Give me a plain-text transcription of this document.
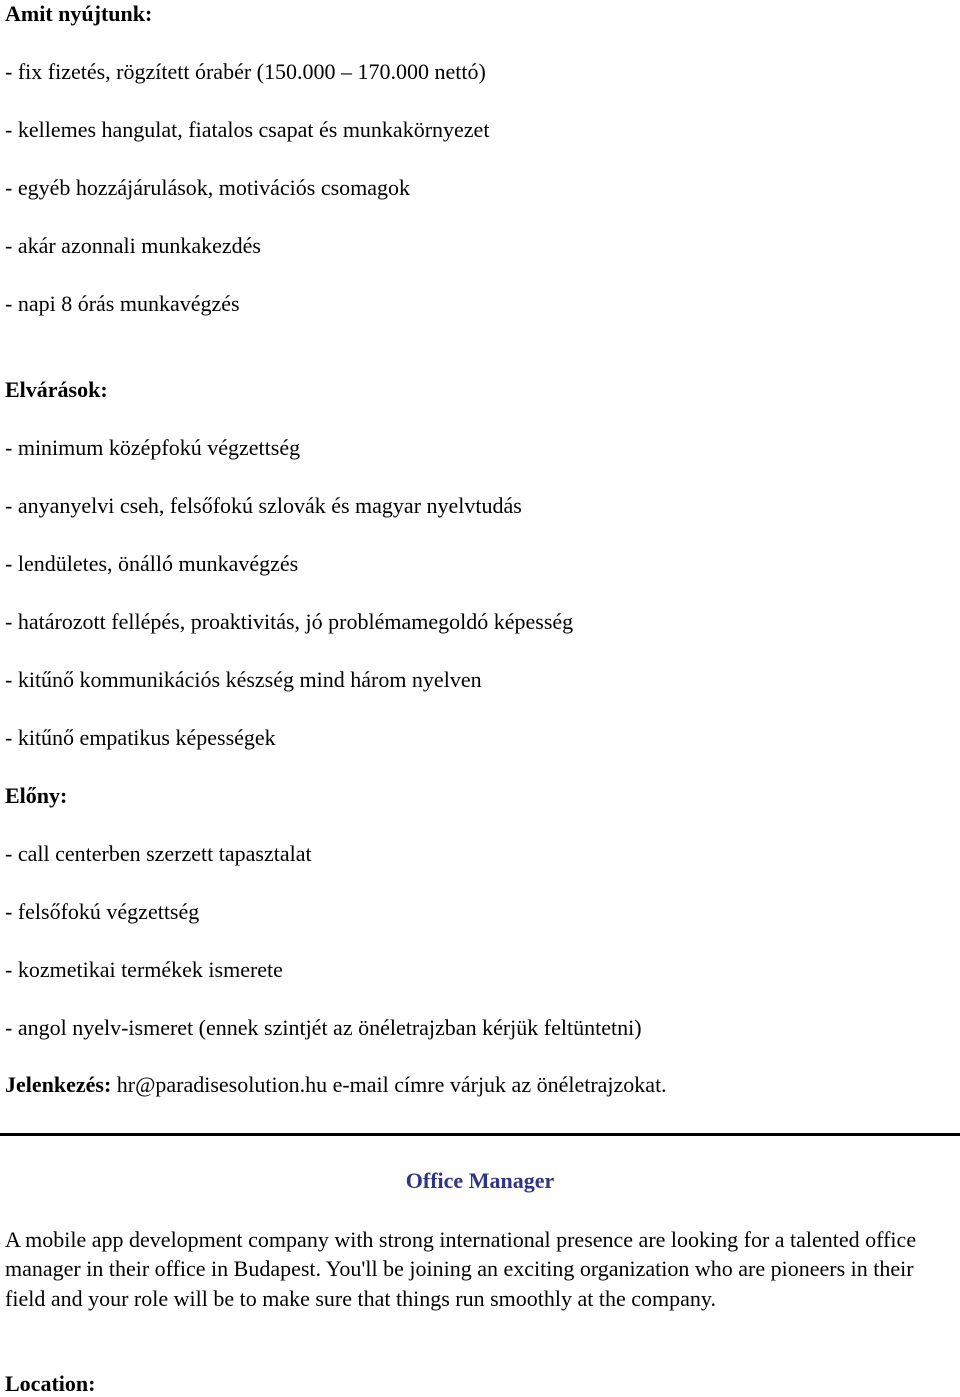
Amit nyújtunk:
- fix fizetés, rögzített órabér (150.000 – 170.000 nettó)
- kellemes hangulat, fiatalos csapat és munkakörnyezet
- egyéb hozzájárulások, motivációs csomagok
- akár azonnali munkakezdés
- napi 8 órás munkavégzés
Elvárások:
- minimum középfokú végzettség
- anyanyelvi cseh, felsőfokú szlovák és magyar nyelvtudás
- lendületes, önálló munkavégzés
- határozott fellépés, proaktivitás, jó problémamegoldó képesség
- kitűnő kommunikációs készség mind három nyelven
- kitűnő empatikus képességek
Előny:
- call centerben szerzett tapasztalat
- felsőfokú végzettség
- kozmetikai termékek ismerete
- angol nyelv-ismeret (ennek szintjét az önéletrajzban kérjük feltüntetni)
Jelenkezés: hr@paradisesolution.hu e-mail címre várjuk az önéletrajzokat.
Office Manager
A mobile app development company with strong international presence are looking for a talented office manager in their office in Budapest. You'll be joining an exciting organization who are pioneers in their field and your role will be to make sure that things run smoothly at the company.
Location:
